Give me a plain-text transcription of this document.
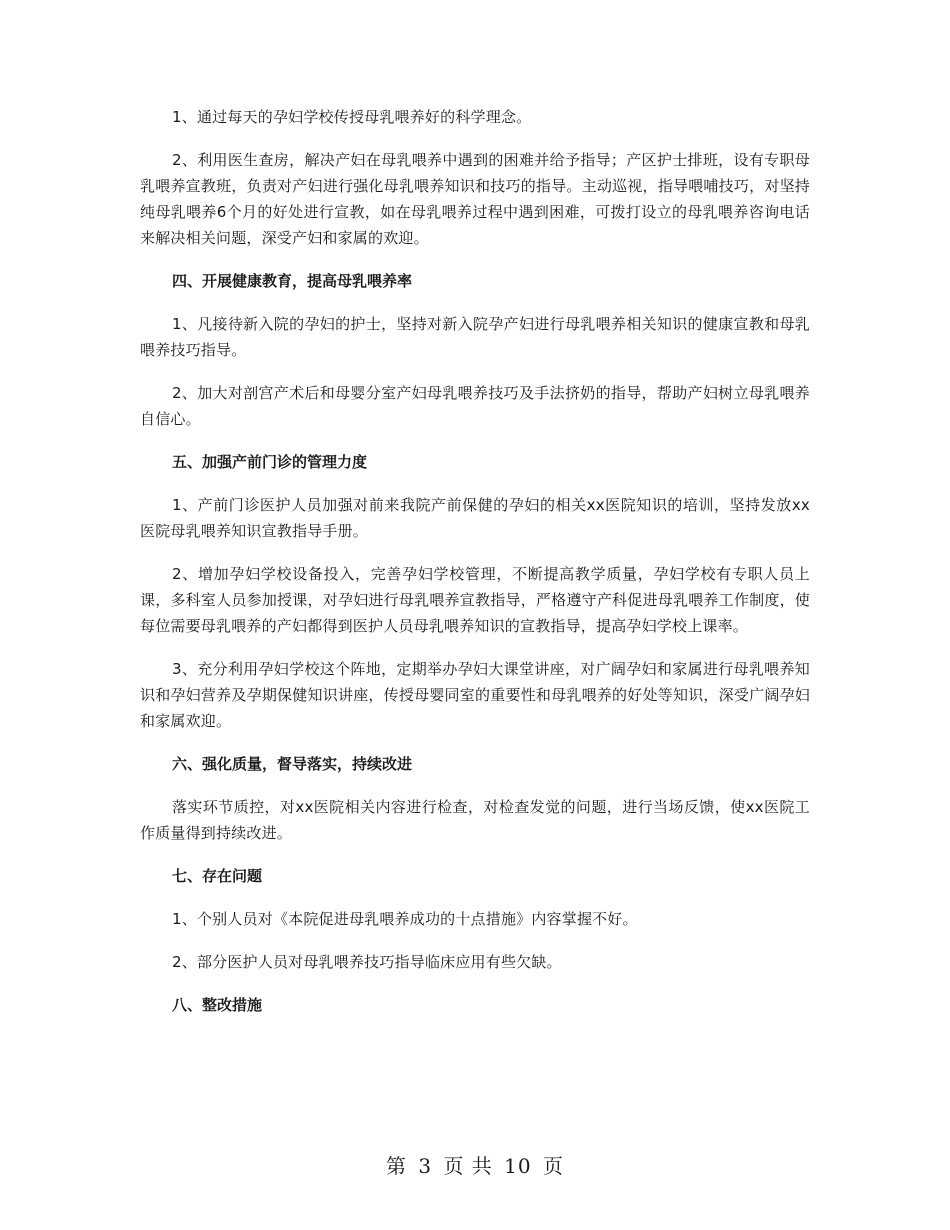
1、通过每天的孕妇学校传授母乳喂养好的科学理念。

2、利用医生查房，解决产妇在母乳喂养中遇到的困难并给予指导；产区护士排班，设有专职母乳喂养宣教班，负责对产妇进行强化母乳喂养知识和技巧的指导。主动巡视，指导喂哺技巧，对坚持纯母乳喂养6个月的好处进行宣教，如在母乳喂养过程中遇到困难，可拨打设立的母乳喂养咨询电话来解决相关问题，深受产妇和家属的欢迎。

四、开展健康教育，提高母乳喂养率

1、凡接待新入院的孕妇的护士，坚持对新入院孕产妇进行母乳喂养相关知识的健康宣教和母乳喂养技巧指导。

2、加大对剖宫产术后和母婴分室产妇母乳喂养技巧及手法挤奶的指导，帮助产妇树立母乳喂养自信心。

五、加强产前门诊的管理力度

1、产前门诊医护人员加强对前来我院产前保健的孕妇的相关xx医院知识的培训，坚持发放xx医院母乳喂养知识宣教指导手册。

2、增加孕妇学校设备投入，完善孕妇学校管理，不断提高教学质量，孕妇学校有专职人员上课，多科室人员参加授课，对孕妇进行母乳喂养宣教指导，严格遵守产科促进母乳喂养工作制度，使每位需要母乳喂养的产妇都得到医护人员母乳喂养知识的宣教指导，提高孕妇学校上课率。

3、充分利用孕妇学校这个阵地，定期举办孕妇大课堂讲座，对广阔孕妇和家属进行母乳喂养知识和孕妇营养及孕期保健知识讲座，传授母婴同室的重要性和母乳喂养的好处等知识，深受广阔孕妇和家属欢迎。

六、强化质量，督导落实，持续改进

落实环节质控，对xx医院相关内容进行检查，对检查发觉的问题，进行当场反馈，使xx医院工作质量得到持续改进。

七、存在问题

1、个别人员对《本院促进母乳喂养成功的十点措施》内容掌握不好。

2、部分医护人员对母乳喂养技巧指导临床应用有些欠缺。

八、整改措施

第 3 页 共 10 页
